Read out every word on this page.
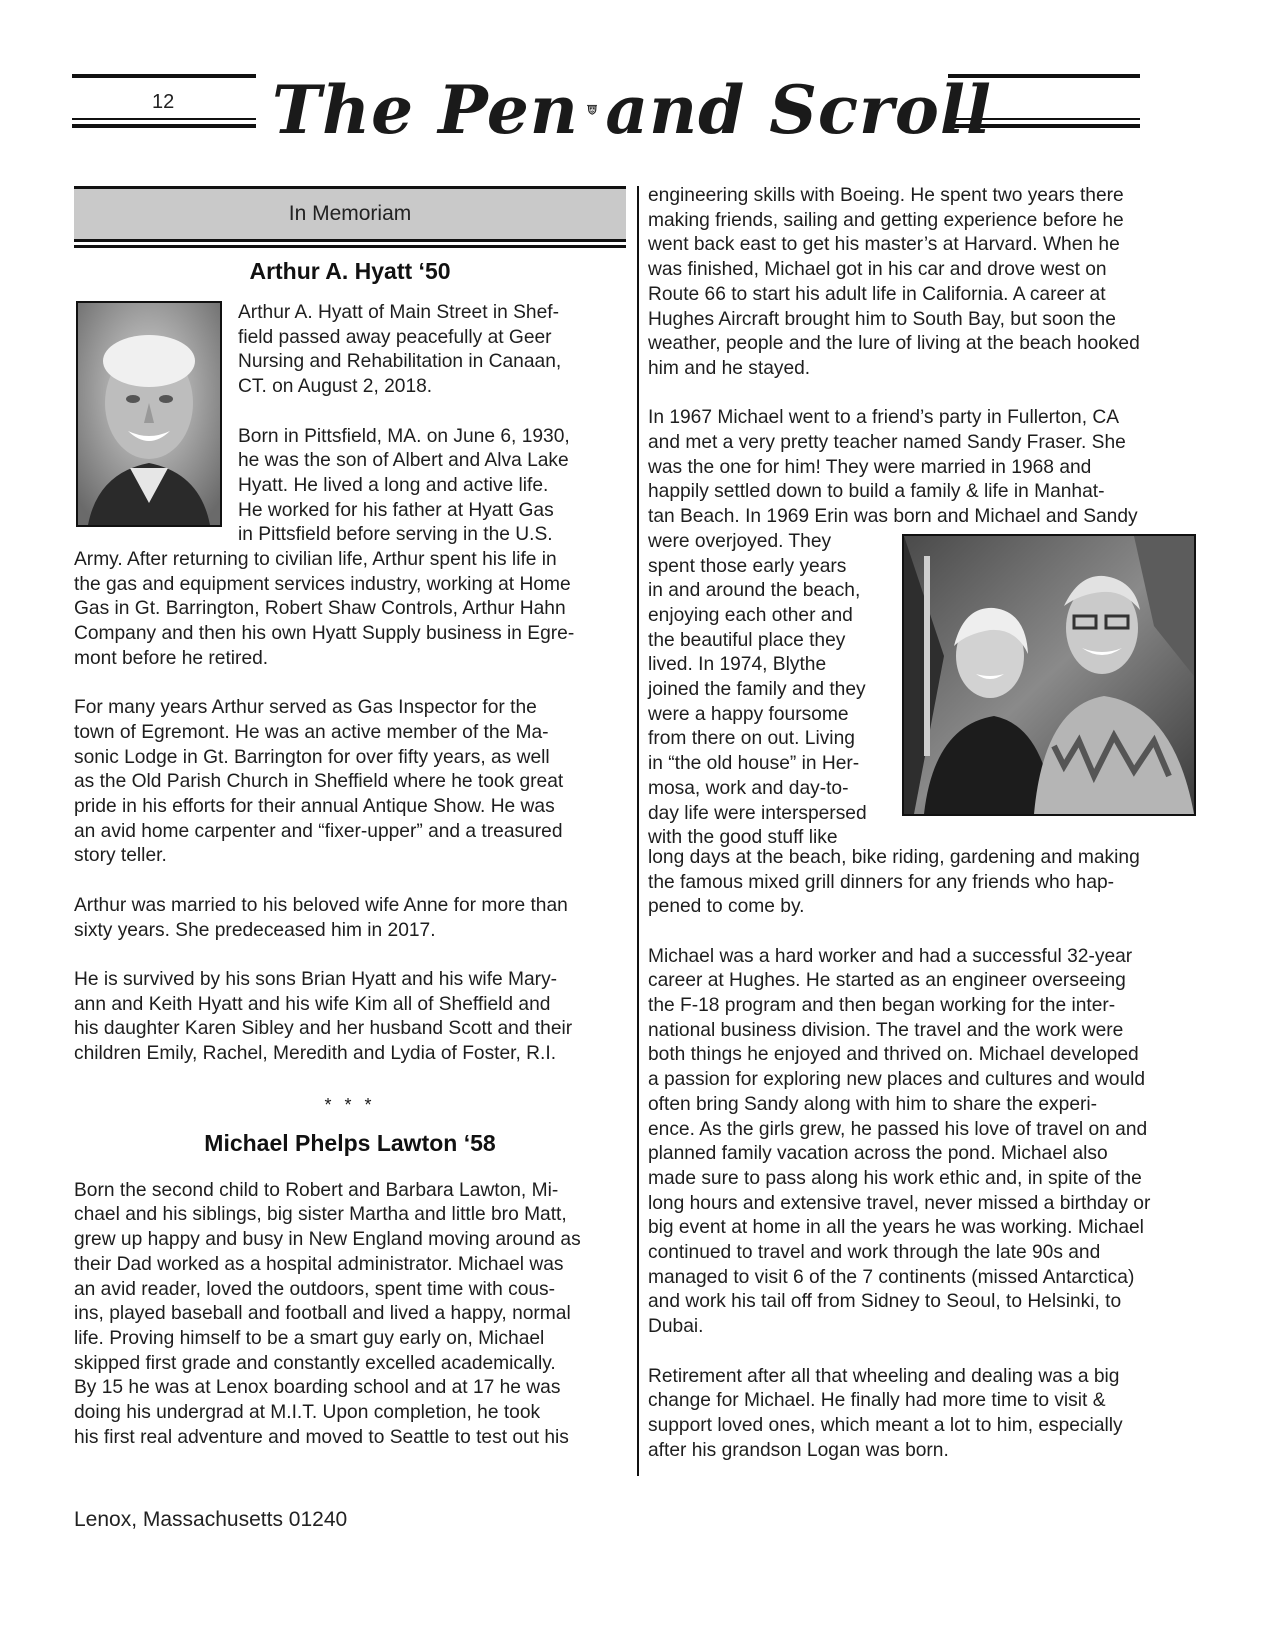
12 The Pen and Scroll
In Memoriam
Arthur A. Hyatt ‘50

Arthur A. Hyatt of Main Street in Shef-
field passed away peacefully at Geer
Nursing and Rehabilitation in Canaan,
CT. on August 2, 2018.

Born in Pittsfield, MA. on June 6, 1930,
he was the son of Albert and Alva Lake
Hyatt. He lived a long and active life.
He worked for his father at Hyatt Gas
in Pittsfield before serving in the U.S.

Army. After returning to civilian life, Arthur spent his life in
the gas and equipment services industry, working at Home
Gas in Gt. Barrington, Robert Shaw Controls, Arthur Hahn
Company and then his own Hyatt Supply business in Egre-
mont before he retired.

For many years Arthur served as Gas Inspector for the
town of Egremont. He was an active member of the Ma-
sonic Lodge in Gt. Barrington for over fifty years, as well
as the Old Parish Church in Sheffield where he took great
pride in his efforts for their annual Antique Show. He was
an avid home carpenter and “fixer-upper” and a treasured
story teller.

Arthur was married to his beloved wife Anne for more than
sixty years. She predeceased him in 2017.

He is survived by his sons Brian Hyatt and his wife Mary-
ann and Keith Hyatt and his wife Kim all of Sheffield and
his daughter Karen Sibley and her husband Scott and their
children Emily, Rachel, Meredith and Lydia of Foster, R.I.

* * *
Michael Phelps Lawton ‘58

Born the second child to Robert and Barbara Lawton, Mi-
chael and his siblings, big sister Martha and little bro Matt,
grew up happy and busy in New England moving around as
their Dad worked as a hospital administrator. Michael was
an avid reader, loved the outdoors, spent time with cous-
ins, played baseball and football and lived a happy, normal
life. Proving himself to be a smart guy early on, Michael
skipped first grade and constantly excelled academically.
By 15 he was at Lenox boarding school and at 17 he was
doing his undergrad at M.I.T. Upon completion, he took
his first real adventure and moved to Seattle to test out his

engineering skills with Boeing. He spent two years there
making friends, sailing and getting experience before he
went back east to get his master’s at Harvard. When he
was finished, Michael got in his car and drove west on
Route 66 to start his adult life in California. A career at
Hughes Aircraft brought him to South Bay, but soon the
weather, people and the lure of living at the beach hooked
him and he stayed.

In 1967 Michael went to a friend’s party in Fullerton, CA
and met a very pretty teacher named Sandy Fraser. She
was the one for him! They were married in 1968 and
happily settled down to build a family & life in Manhat-
tan Beach. In 1969 Erin was born and Michael and Sandy

were overjoyed. They
spent those early years
in and around the beach,
enjoying each other and
the beautiful place they
lived. In 1974, Blythe
joined the family and they
were a happy foursome
from there on out. Living
in “the old house” in Her-
mosa, work and day-to-
day life were interspersed
with the good stuff like

long days at the beach, bike riding, gardening and making
the famous mixed grill dinners for any friends who hap-
pened to come by.

Michael was a hard worker and had a successful 32-year
career at Hughes. He started as an engineer overseeing
the F-18 program and then began working for the inter-
national business division. The travel and the work were
both things he enjoyed and thrived on. Michael developed
a passion for exploring new places and cultures and would
often bring Sandy along with him to share the experi-
ence. As the girls grew, he passed his love of travel on and
planned family vacation across the pond. Michael also
made sure to pass along his work ethic and, in spite of the
long hours and extensive travel, never missed a birthday or
big event at home in all the years he was working. Michael
continued to travel and work through the late 90s and
managed to visit 6 of the 7 continents (missed Antarctica)
and work his tail off from Sidney to Seoul, to Helsinki, to
Dubai.

Retirement after all that wheeling and dealing was a big
change for Michael. He finally had more time to visit &
support loved ones, which meant a lot to him, especially
after his grandson Logan was born.

Lenox, Massachusetts 01240
